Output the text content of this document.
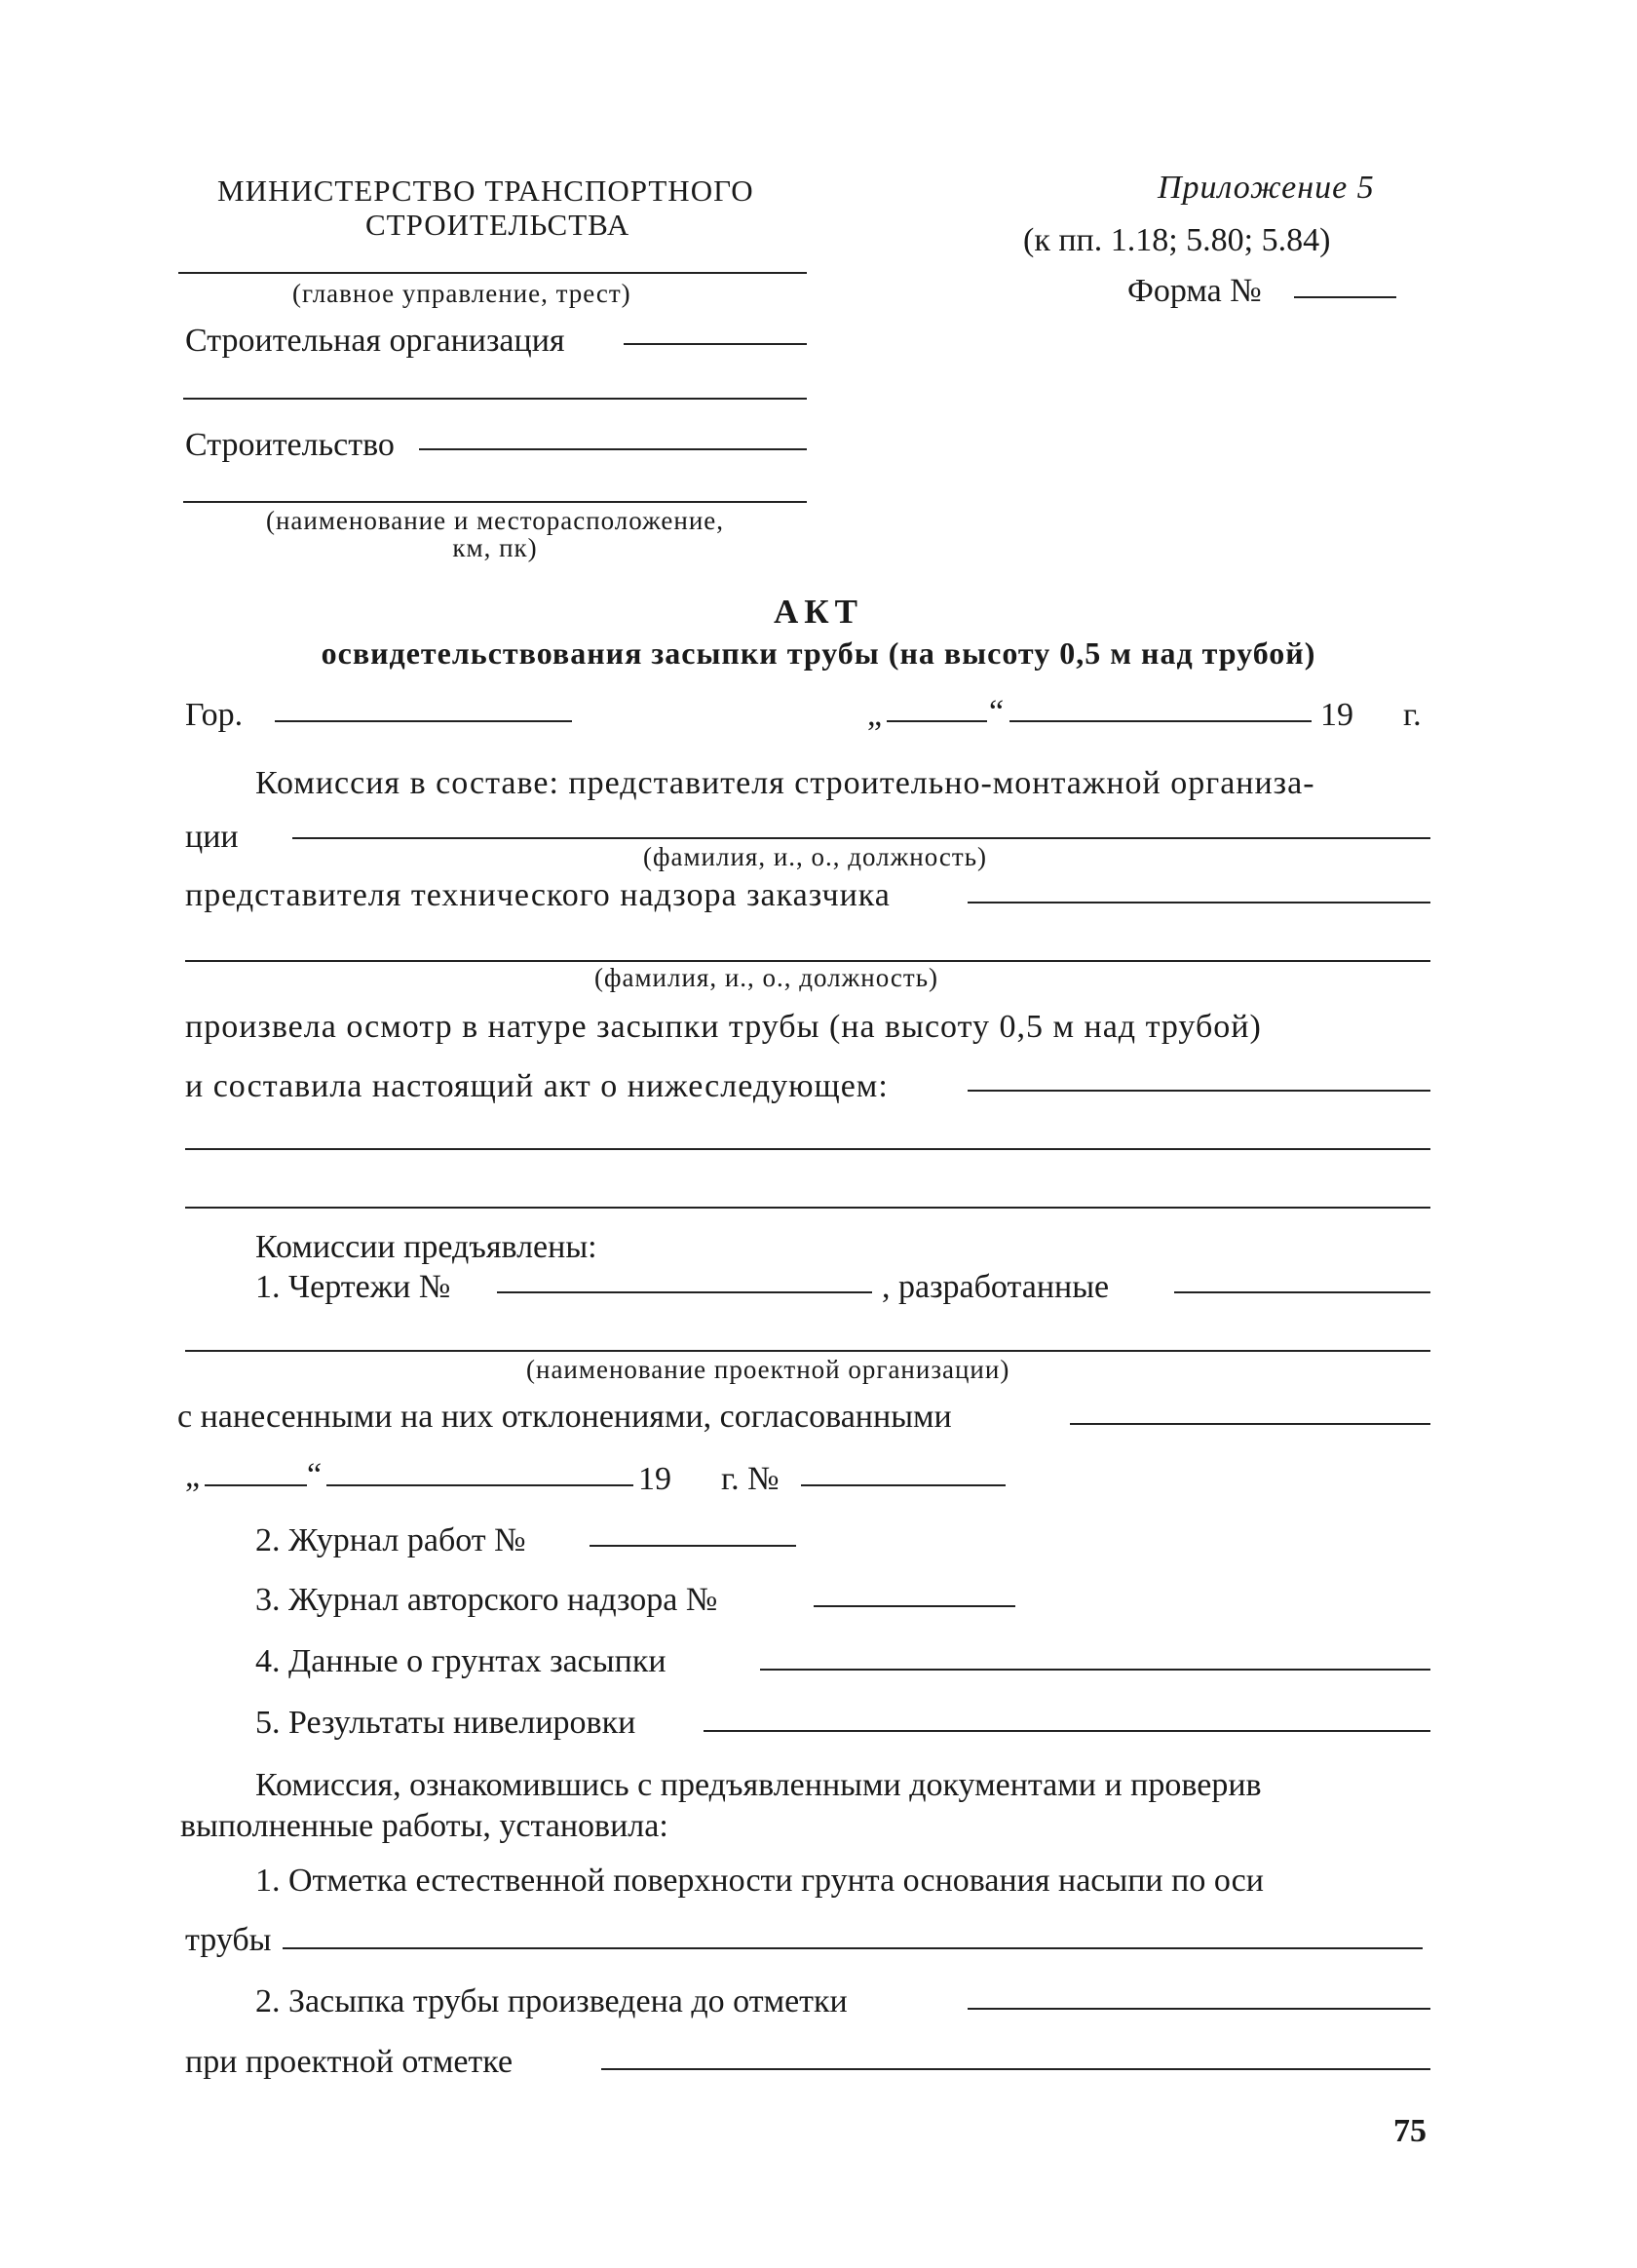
МИНИСТЕРСТВО ТРАНСПОРТНОГО
СТРОИТЕЛЬСТВА
(главное управление, трест)
Строительная организация
Строительство
(наименование и месторасположение,
км, пк)
Приложение 5
(к пп. 1.18; 5.80; 5.84)
Форма №
АКТ
освидетельствования засыпки трубы (на высоту 0,5 м над трубой)
Гор.	„	“	19 г.
Комиссия в составе: представителя строительно-монтажной организа-
ции
(фамилия, и., о., должность)
представителя технического надзора заказчика
(фамилия, и., о., должность)
произвела осмотр в натуре засыпки трубы (на высоту 0,5 м над трубой)
и составила настоящий акт о нижеследующем:
Комиссии предъявлены:
1. Чертежи №	, разработанные
(наименование проектной организации)
с нанесенными на них отклонениями, согласованными
„	“	19 г. №
2. Журнал работ №
3. Журнал авторского надзора №
4. Данные о грунтах засыпки
5. Результаты нивелировки
Комиссия, ознакомившись с предъявленными документами и проверив
выполненные работы, установила:
1. Отметка естественной поверхности грунта основания насыпи по оси
трубы
2. Засыпка трубы произведена до отметки
при проектной отметке
75
